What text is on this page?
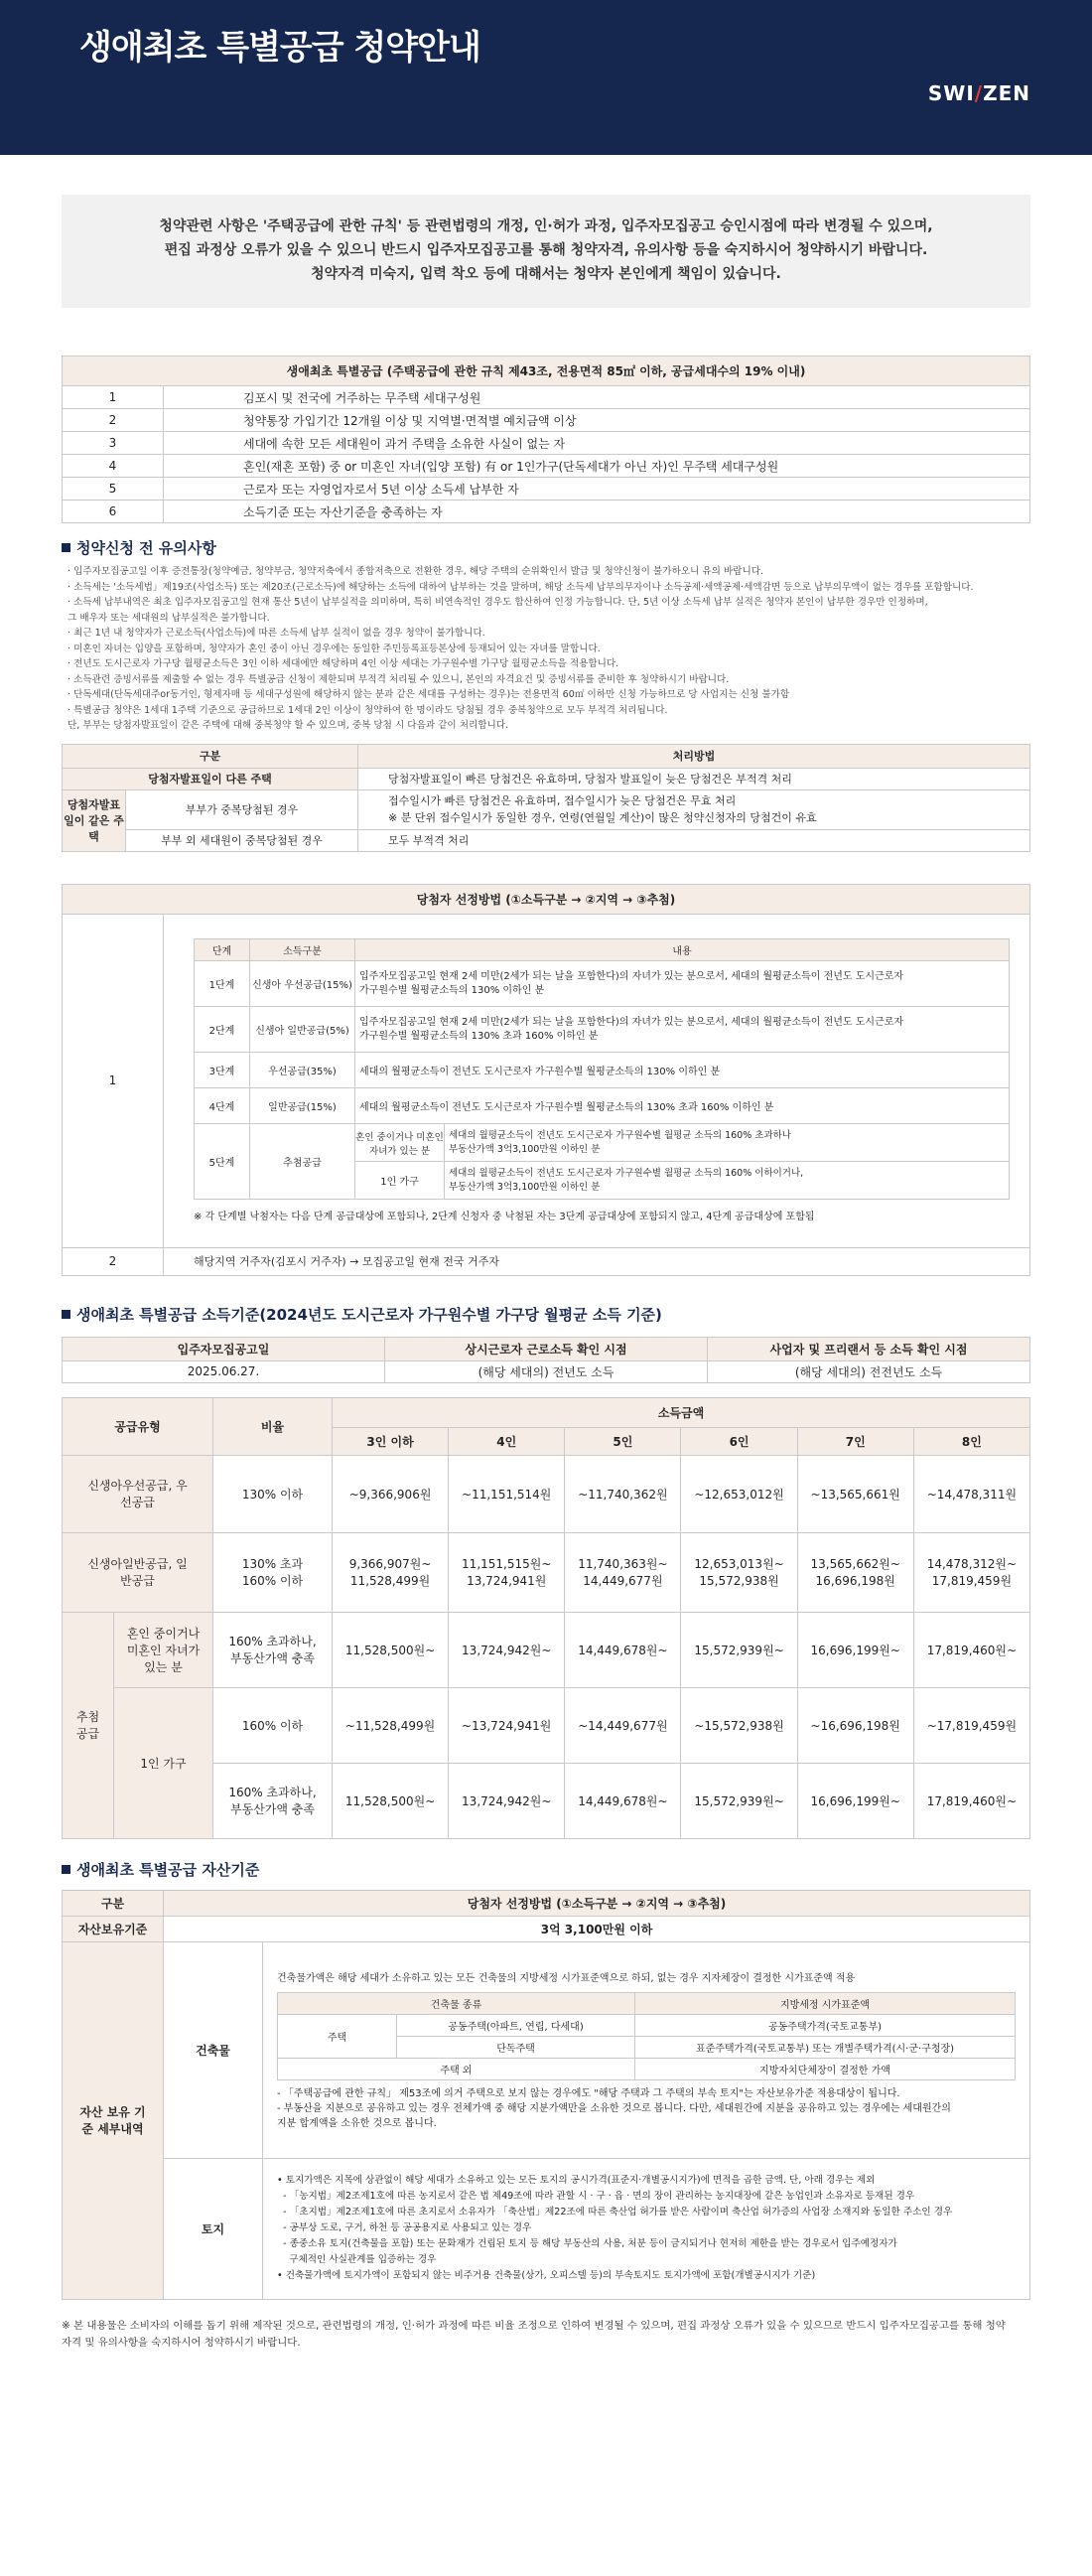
생애최초 특별공급 청약안내
SWI/ZEN
청약관련 사항은 '주택공급에 관한 규칙' 등 관련법령의 개정, 인·허가 과정, 입주자모집공고 승인시점에 따라 변경될 수 있으며,
편집 과정상 오류가 있을 수 있으니 반드시 입주자모집공고를 통해 청약자격, 유의사항 등을 숙지하시어 청약하시기 바랍니다.
청약자격 미숙지, 입력 착오 등에 대해서는 청약자 본인에게 책임이 있습니다.
생애최초 특별공급 (주택공급에 관한 규칙 제43조, 전용면적 85㎡ 이하, 공급세대수의 19% 이내)	
1	김포시 및 전국에 거주하는 무주택 세대구성원
2	청약통장 가입기간 12개월 이상 및 지역별·면적별 예치금액 이상
3	세대에 속한 모든 세대원이 과거 주택을 소유한 사실이 없는 자
4	혼인(재혼 포함) 중 or 미혼인 자녀(입양 포함) 有 or 1인가구(단독세대가 아닌 자)인 무주택 세대구성원
5	근로자 또는 자영업자로서 5년 이상 소득세 납부한 자
6	소득기준 또는 자산기준을 충족하는 자
청약신청 전 유의사항

· 입주자모집공고일 이후 증전통장(청약예금, 청약부금, 청약저축에서 종합저축으로 전환한 경우, 해당 주택의 순위확인서 발급 및 청약신청이 불가하오니 유의 바랍니다.

· 소득세는 '소득세법」제19조(사업소득) 또는 제20조(근로소득)에 해당하는 소득에 대하여 납부하는 것을 말하며, 해당 소득세 납부의무자이나 소득공제·세액공제·세액감면 등으로 납부의무액이 없는 경우를 포함합니다.

· 소득세 납부내역은 최초 입주자모집공고일 현재 통산 5년이 납부실적을 의미하며, 특히 비연속적인 경우도 합산하여 인정 가능합니다. 단, 5년 이상 소득세 납부 실적은 청약자 본인이 납부한 경우만 인정하며,

그 배우자 또는 세대원의 납부실적은 불가합니다.

· 최근 1년 내 청약자가 근로소득(사업소득)에 따른 소득세 납부 실적이 없을 경우 청약이 불가합니다.

· 미혼인 자녀는 입양을 포함하며, 청약자가 혼인 중이 아닌 경우에는 동일한 주민등록표등본상에 등재되어 있는 자녀를 말합니다.

· 전년도 도시근로자 가구당 월평균소득은 3인 이하 세대에만 해당하며 4인 이상 세대는 가구원수별 가구당 월평균소득을 적용합니다.

· 소득관련 증빙서류를 제출할 수 없는 경우 특별공급 신청이 제한되며 부적격 처리될 수 있으니, 본인의 자격요건 및 증빙서류를 준비한 후 청약하시기 바랍니다.

· 단독세대(단독세대주or동거인, 형제자매 등 세대구성원에 해당하지 않는 분과 같은 세대를 구성하는 경우)는 전용면적 60㎡ 이하만 신청 가능하므로 당 사업지는 신청 불가함

· 특별공급 청약은 1세대 1주택 기준으로 공급하므로 1세대 2인 이상이 청약하여 한 명이라도 당첨될 경우 중복청약으로 모두 부적격 처리됩니다.

단, 부부는 당첨자발표일이 같은 주택에 대해 중복청약 할 수 있으며, 중복 당첨 시 다음과 같이 처리합니다.

구분		처리방법
당첨자발표일이 다른 주택		당첨자발표일이 빠른 당첨건은 유효하며, 당첨자 발표일이 늦은 당첨건은 부적격 처리
당첨자발표일이 같은 주택	부부가 중복당첨된 경우	접수일시가 빠른 당첨건은 유효하며, 접수일시가 늦은 당첨건은 무효 처리
※ 분 단위 접수일시가 동일한 경우, 연령(연월일 계산)이 많은 청약신청자의 당첨건이 유효

	부부 외 세대원이 중복당첨된 경우	모두 부적격 처리
당첨자 선정방법 (①소득구분 → ②지역 → ③추첨)
1	
단계	소득구분	내용
1단계	신생아 우선공급(15%)	
입주자모집공고일 현재 2세 미만(2세가 되는 날을 포함한다)의 자녀가 있는 분으로서, 세대의 월평균소득이 전년도 도시근로자
가구원수별 월평균소득의 130% 이하인 분

2단계	신생아 일반공급(5%)	
입주자모집공고일 현재 2세 미만(2세가 되는 날을 포함한다)의 자녀가 있는 분으로서, 세대의 월평균소득이 전년도 도시근로자
가구원수별 월평균소득의 130% 초과 160% 이하인 분

3단계	우선공급(35%)	세대의 월평균소득이 전년도 도시근로자 가구원수별 월평균소득의 130% 이하인 분
4단계	일반공급(15%)	세대의 월평균소득이 전년도 도시근로자 가구원수별 월평균소득의 130% 초과 160% 이하인 분
5단계	추첨공급	혼인 중이거나 미혼인 자녀가 있는 분	
세대의 월평균소득이 전년도 도시근로자 가구원수별 월평균 소득의 160% 초과하나
부동산가액 3억3,100만원 이하인 분

1인 가구	
세대의 월평균소득이 전년도 도시근로자 가구원수별 월평균 소득의 160% 이하이거나,
부동산가액 3억3,100만원 이하인 분
※ 각 단계별 낙첨자는 다음 단계 공급대상에 포함되나, 2단계 신청자 중 낙첨된 자는 3단계 공급대상에 포함되지 않고, 4단계 공급대상에 포함됨

2	해당지역 거주자(김포시 거주자) → 모집공고일 현재 전국 거주자
생애최초 특별공급 소득기준(2024년도 도시근로자 가구원수별 가구당 월평균 소득 기준)
입주자모집공고일	상시근로자 근로소득 확인 시점	사업자 및 프리랜서 등 소득 확인 시점
2025.06.27.	(해당 세대의) 전년도 소득	(해당 세대의) 전전년도 소득
공급유형		비율	소득금액					
			3인 이하	4인	5인	6인	7인	8인
신생아우선공급, 우선공급		130% 이하	~9,366,906원	~11,151,514원	~11,740,362원	~12,653,012원	~13,565,661원	~14,478,311원
신생아일반공급, 일반공급		130% 초과 160% 이하	9,366,907원~ 11,528,499원	11,151,515원~ 13,724,941원	11,740,363원~ 14,449,677원	12,653,013원~ 15,572,938원	13,565,662원~ 16,696,198원	14,478,312원~ 17,819,459원
추첨 공급	혼인 중이거나 미혼인 자녀가 있는 분	160% 초과하나, 부동산가액 충족	11,528,500원~	13,724,942원~	14,449,678원~	15,572,939원~	16,696,199원~	17,819,460원~
	1인 가구	160% 이하	~11,528,499원	~13,724,941원	~14,449,677원	~15,572,938원	~16,696,198원	~17,819,459원
		160% 초과하나, 부동산가액 충족	11,528,500원~	13,724,942원~	14,449,678원~	15,572,939원~	16,696,199원~	17,819,460원~
생애최초 특별공급 자산기준
구분	당첨자 선정방법 (①소득구분 → ②지역 → ③추첨)
자산보유기준	3억 3,100만원 이하
자산 보유 기준 세부내역	건축물	
건축물가액은 해당 세대가 소유하고 있는 모든 건축물의 지방세정 시가표준액으로 하되, 없는 경우 지자체장이 결정한 시가표준액 적용
건축물 종류	지방세정 시가표준액
주택	공동주택(아파트, 연립, 다세대)	공동주택가격(국토교통부)
단독주택	표준주택가격(국토교통부) 또는 개별주택가격(시·군·구청장)
주택 외	지방자치단체장이 결정한 가액
- 「주택공급에 관한 규칙」 제53조에 의거 주택으로 보지 않는 경우에도 "해당 주택과 그 주택의 부속 토지"는 자산보유가준 적용대상이 됩니다.
- 부동산을 지분으로 공유하고 있는 경우 전체가액 중 해당 지분가액만을 소유한 것으로 봅니다. 다만, 세대원간에 지분을 공유하고 있는 경우에는 세대원간의
지분 합계액을 소유한 것으로 봅니다.

토지	
• 토지가액은 지목에 상관없이 해당 세대가 소유하고 있는 모든 토지의 공시가격(표준지·개별공시지가)에 면적을 곱한 금액. 단, 아래 경우는 제외
- 「농지법」제2조제1호에 따른 농지로서 같은 법 제49조에 따라 관할 시 · 구 · 읍 · 면의 장이 관리하는 농지대장에 같은 농업인과 소유자로 등재된 경우
- 「초지법」제2조제1호에 따른 초지로서 소유자가 「축산법」제22조에 따른 축산업 허가를 받은 사람이며 축산업 허가증의 사업장 소재지와 동일한 주소인 경우
- 공부상 도로, 구거, 하천 등 공공용지로 사용되고 있는 경우
- 종중소유 토지(건축물을 포함) 또는 문화재가 건립된 토지 등 해당 부동산의 사용, 처분 등이 금지되거나 현저히 제한을 받는 경우로서 입주예정자가
구체적인 사실관계를 입증하는 경우
• 건축물가액에 토지가액이 포함되지 않는 비주거용 건축물(상가, 오피스텔 등)의 부속토지도 토지가액에 포함(개별공시지가 기준)
※ 본 내용물은 소비자의 이해를 돕기 위해 제작된 것으로, 관련법령의 개정, 인·허가 과정에 따른 비율 조정으로 인하여 변경될 수 있으며, 편집 과정상 오류가 있을 수 있으므로 반드시 입주자모집공고를 통해 청약
자격 및 유의사항을 숙지하시어 청약하시기 바랍니다.
